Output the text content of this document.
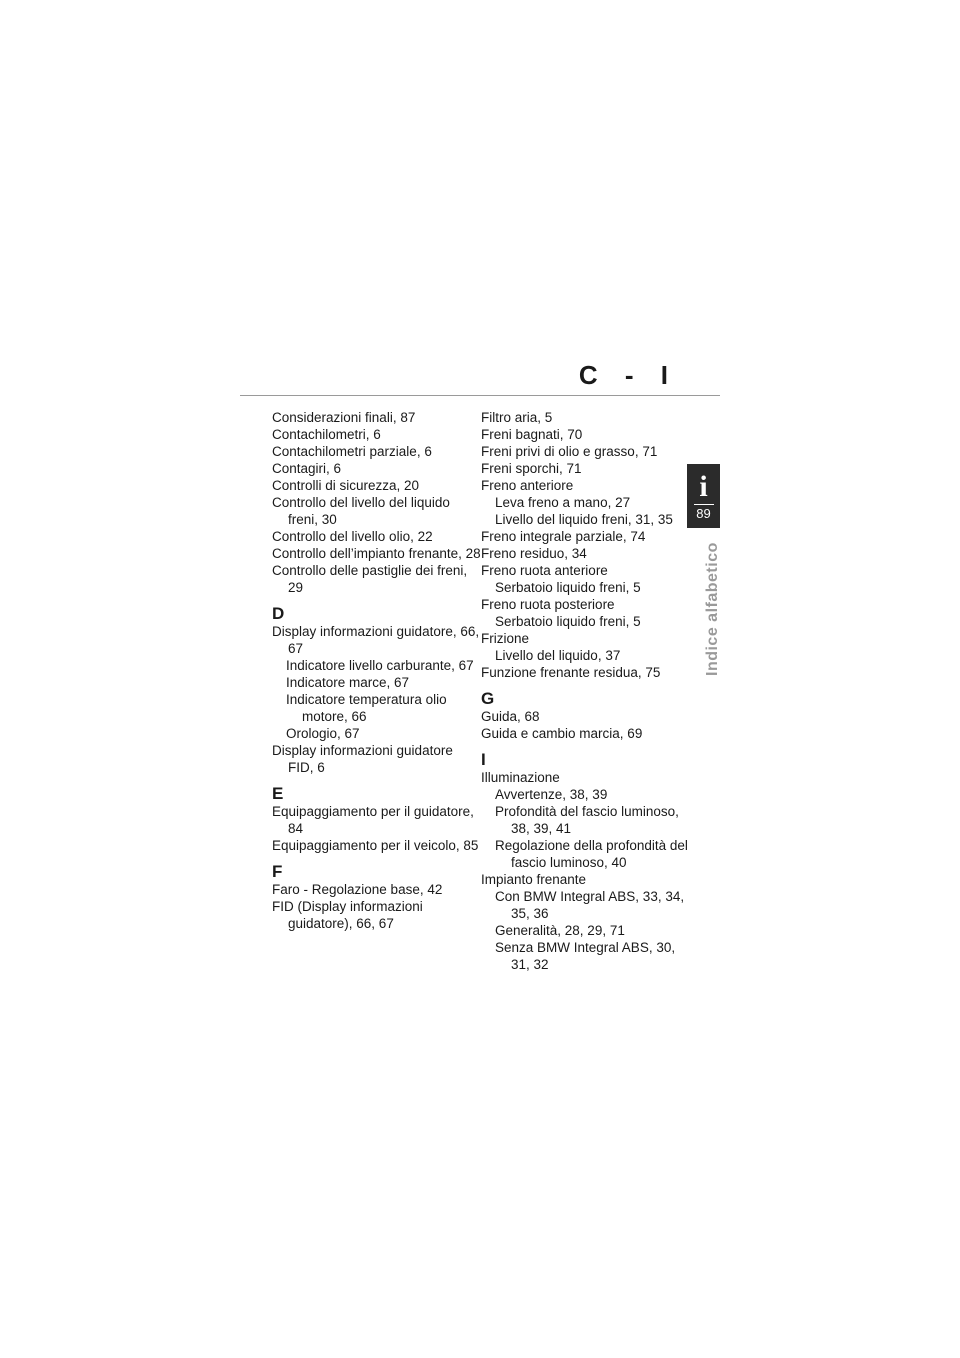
C - I
i
89
Indice alfabetico
Considerazioni finali, 87
Contachilometri, 6
Contachilometri parziale, 6
Contagiri, 6
Controlli di sicurezza, 20
Controllo del livello del liquido freni, 30
Controllo del livello olio, 22
Controllo dell’impianto frenante, 28
Controllo delle pastiglie dei freni, 29
D
Display informazioni guidatore, 66, 67
Indicatore livello carburante, 67
Indicatore marce, 67
Indicatore temperatura olio motore, 66
Orologio, 67
Display informazioni guidatore FID, 6
E
Equipaggiamento per il guidatore, 84
Equipaggiamento per il veicolo, 85
F
Faro - Regolazione base, 42
FID (Display informazioni guidatore), 66, 67
Filtro aria, 5
Freni bagnati, 70
Freni privi di olio e grasso, 71
Freni sporchi, 71
Freno anteriore
Leva freno a mano, 27
Livello del liquido freni, 31, 35
Freno integrale parziale, 74
Freno residuo, 34
Freno ruota anteriore
Serbatoio liquido freni, 5
Freno ruota posteriore
Serbatoio liquido freni, 5
Frizione
Livello del liquido, 37
Funzione frenante residua, 75
G
Guida, 68
Guida e cambio marcia, 69
I
Illuminazione
Avvertenze, 38, 39
Profondità del fascio luminoso, 38, 39, 41
Regolazione della profondità del fascio luminoso, 40
Impianto frenante
Con BMW Integral ABS, 33, 34, 35, 36
Generalità, 28, 29, 71
Senza BMW Integral ABS, 30, 31, 32
